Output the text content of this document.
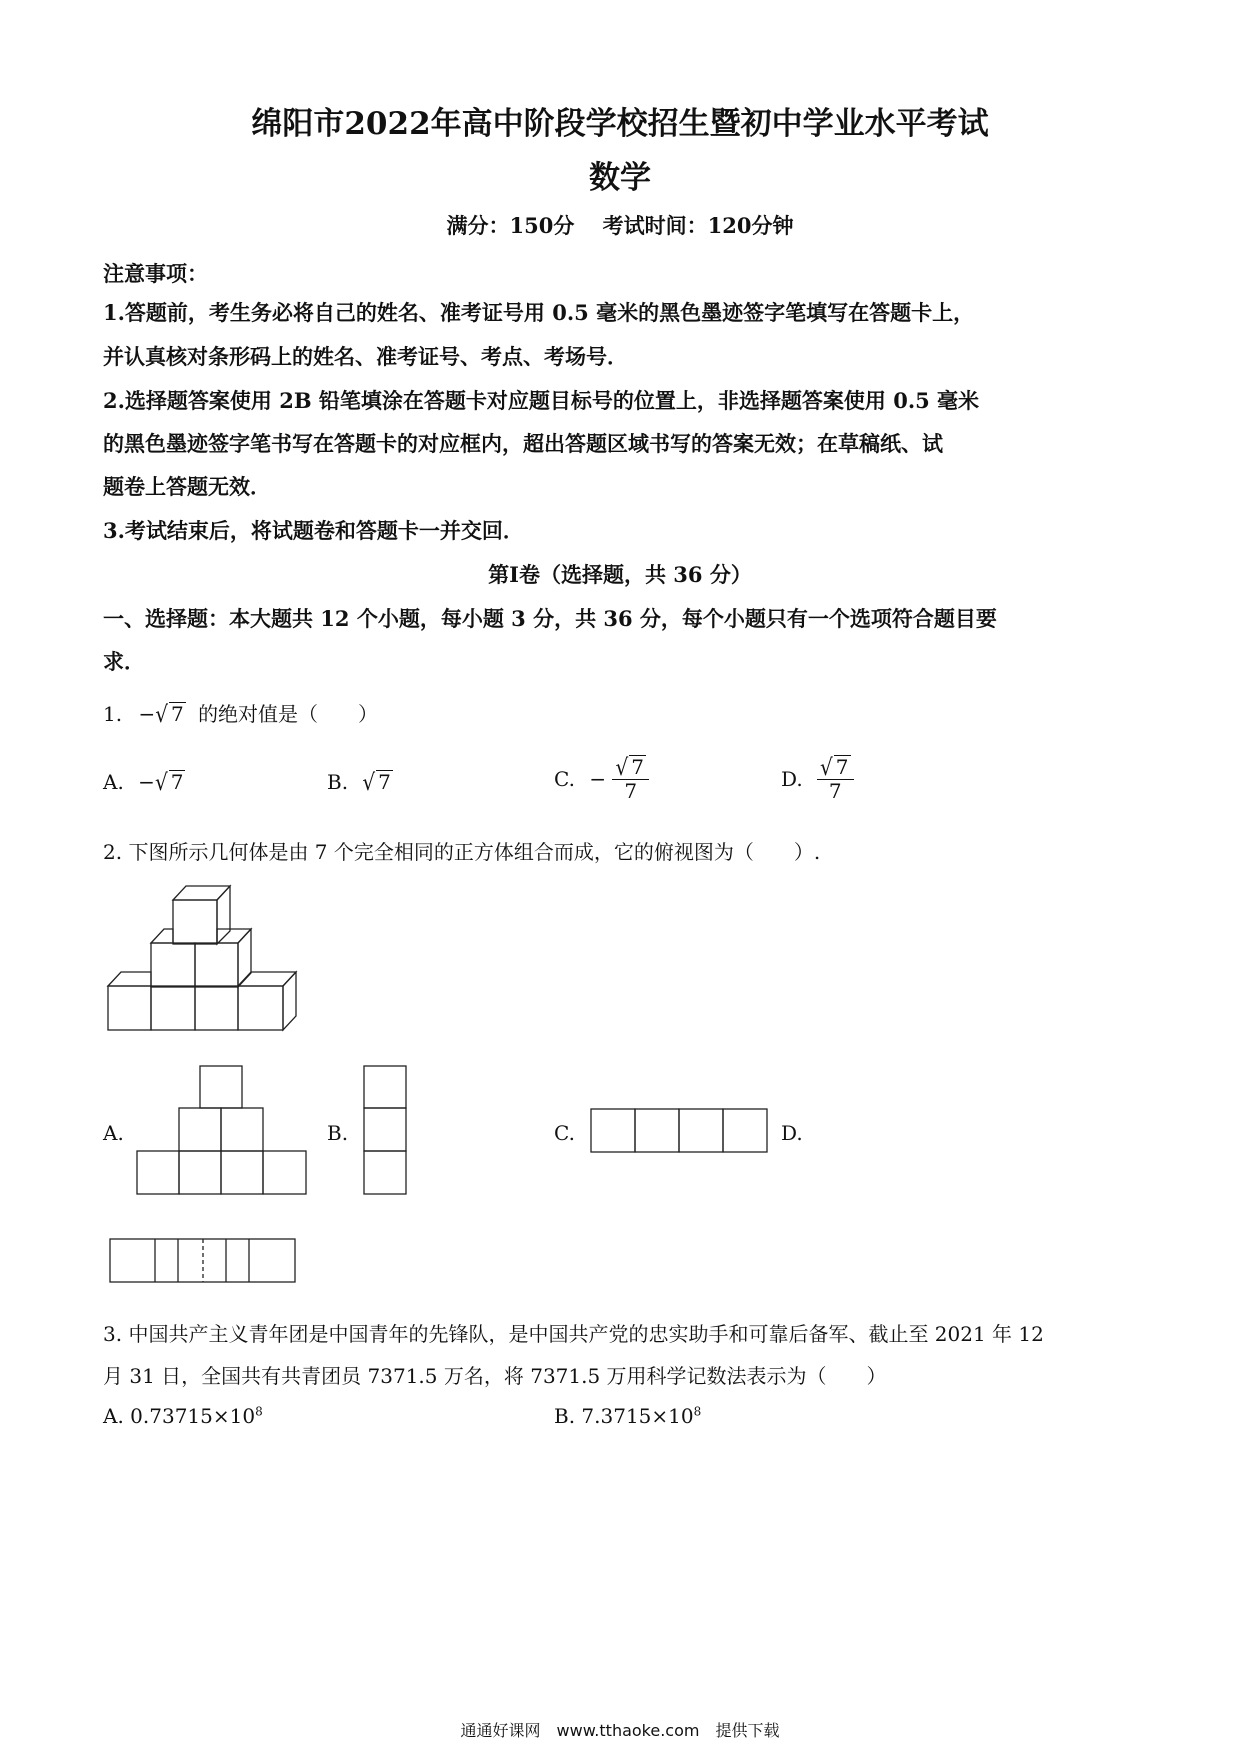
绵阳市2022年高中阶段学校招生暨初中学业水平考试
数学
满分：150分　 考试时间：120分钟
注意事项：
1.答题前，考生务必将自己的姓名、准考证号用 0.5 毫米的黑色墨迹签字笔填写在答题卡上，
并认真核对条形码上的姓名、准考证号、考点、考场号．
2.选择题答案使用 2B 铅笔填涂在答题卡对应题目标号的位置上，非选择题答案使用 0.5 毫米
的黑色墨迹签字笔书写在答题卡的对应框内，超出答题区域书写的答案无效；在草稿纸、试
题卷上答题无效．
3.考试结束后，将试题卷和答题卡一并交回．
第Ⅰ卷（选择题，共 36 分）
一、选择题：本大题共 12 个小题，每小题 3 分，共 36 分，每个小题只有一个选项符合题目要
求．
1. −√ 7 的绝对值是（　　）
A. −√ 7	B. √ 7	C. − $\frac{√ 7}{7}$	D. $\frac{√ 7}{7}$
2. 下图所示几何体是由 7 个完全相同的正方体组合而成，它的俯视图为（　　）.
A.	B.	C.	D.
3. 中国共产主义青年团是中国青年的先锋队，是中国共产党的忠实助手和可靠后备军、截止至 2021 年 12
月 31 日，全国共有共青团员 7371.5 万名，将 7371.5 万用科学记数法表示为（　　）
A. $0.73715\times 10^8$	B. $7.3715\times 10^8$
通通好课网　www.tthaoke.com　提供下载
